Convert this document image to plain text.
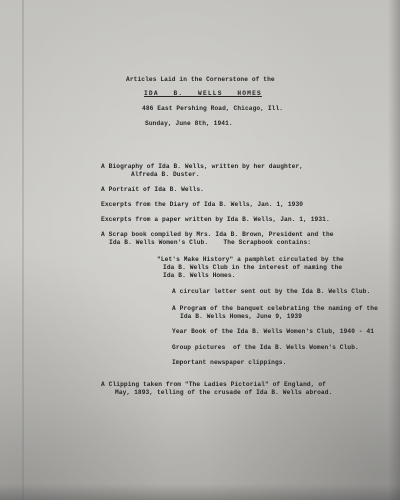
Articles Laid in the Cornerstone of the
IDA   B.   WELLS   HOMES
486 East Pershing Road, Chicago, Ill.
Sunday, June 8th, 1941.
A Biography of Ida B. Wells, written by her daughter,
Alfreda B. Duster.
A Portrait of Ida B. Wells.
Excerpts from the Diary of Ida B. Wells, Jan. 1, 1930
Excerpts from a paper written by Ida B. Wells, Jan. 1, 1931.
A Scrap book compiled by Mrs. Ida B. Brown, President and the
Ida B. Wells Women's Club.    The Scrapbook contains:
"Let's Make History" a pamphlet circulated by the
Ida B. Wells Club in the interest of naming the
Ida B. Wells Homes.
A circular letter sent out by the Ida B. Wells Club.
A Program of the banquet celebrating the naming of the
Ida B. Wells Homes, June 9, 1939
Year Book of the Ida B. Wells Women's Club, 1940 - 41
Group pictures  of the Ida B. Wells Women's Club.
Important newspaper clippings.
A Clipping taken from "The Ladies Pictorial" of England, of
May, 1893, telling of the crusade of Ida B. Wells abroad.
